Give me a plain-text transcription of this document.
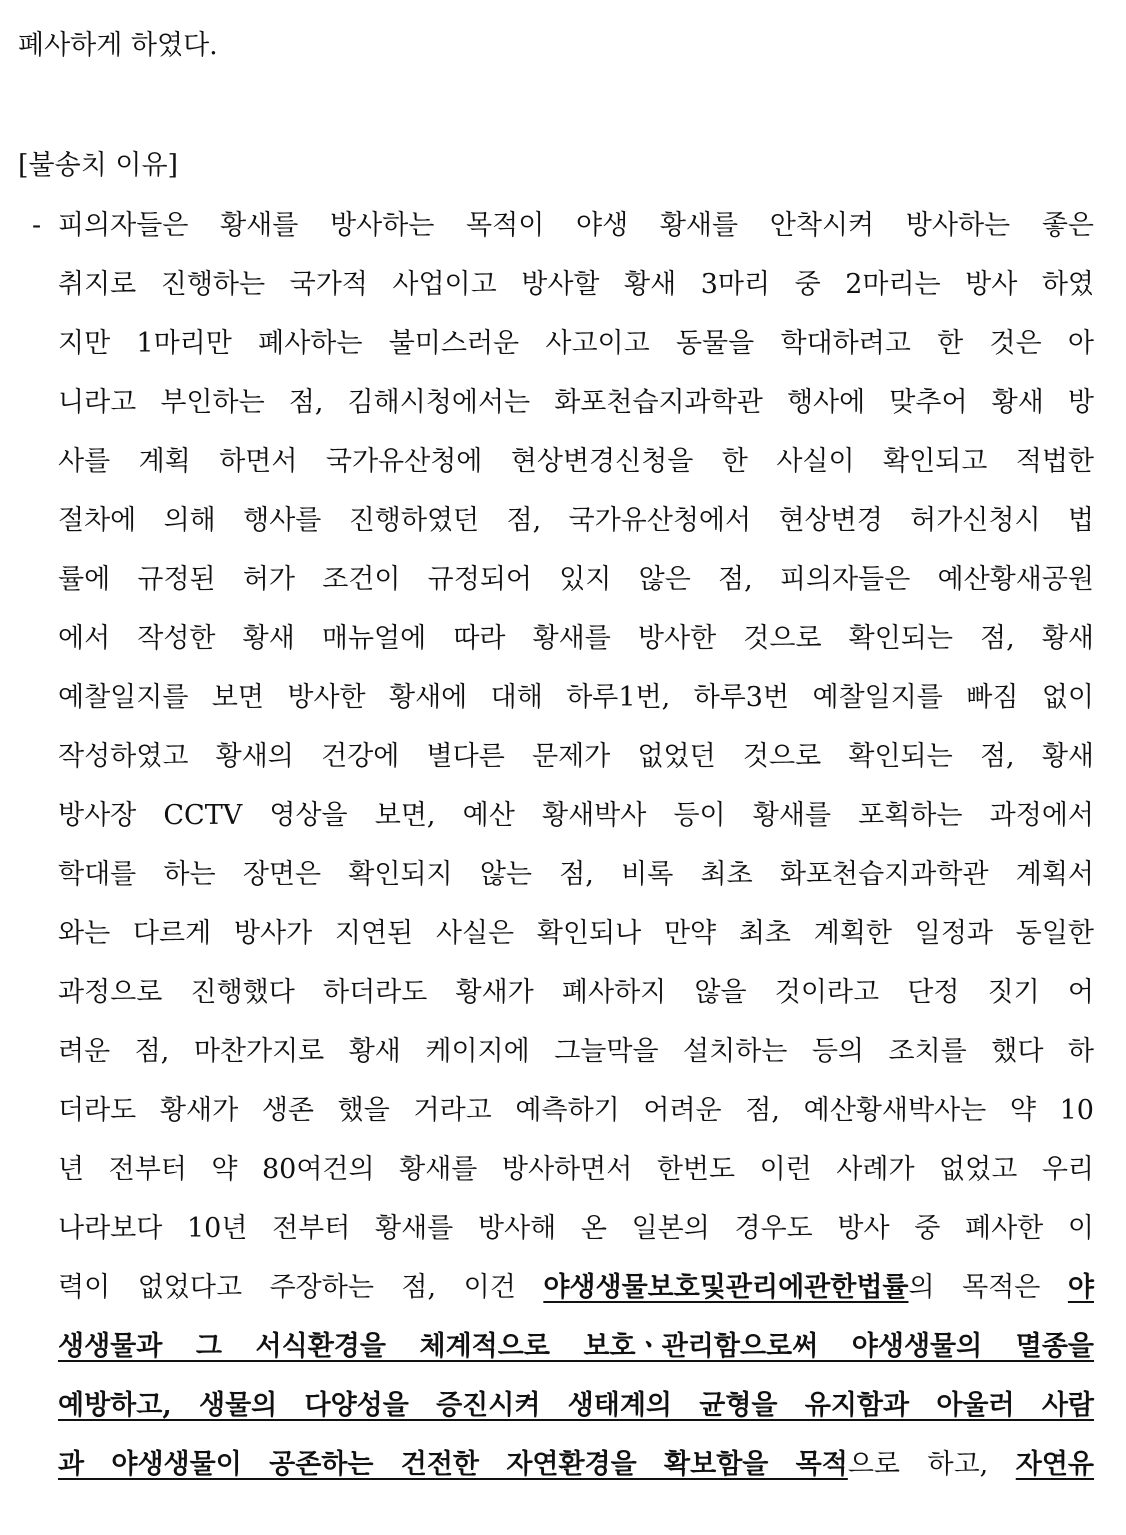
폐사하게 하였다.
[불송치 이유]
- 피의자들은 황새를 방사하는 목적이 야생 황새를 안착시켜 방사하는 좋은
취지로 진행하는 국가적 사업이고 방사할 황새 3마리 중 2마리는 방사 하였
지만 1마리만 폐사하는 불미스러운 사고이고 동물을 학대하려고 한 것은 아
니라고 부인하는 점, 김해시청에서는 화포천습지과학관 행사에 맞추어 황새 방
사를 계획 하면서 국가유산청에 현상변경신청을 한 사실이 확인되고 적법한
절차에 의해 행사를 진행하였던 점, 국가유산청에서 현상변경 허가신청시 법
률에 규정된 허가 조건이 규정되어 있지 않은 점, 피의자들은 예산황새공원
에서 작성한 황새 매뉴얼에 따라 황새를 방사한 것으로 확인되는 점, 황새
예찰일지를 보면 방사한 황새에 대해 하루1번, 하루3번 예찰일지를 빠짐 없이
작성하였고 황새의 건강에 별다른 문제가 없었던 것으로 확인되는 점, 황새
방사장 CCTV 영상을 보면, 예산 황새박사 등이 황새를 포획하는 과정에서
학대를 하는 장면은 확인되지 않는 점, 비록 최초 화포천습지과학관 계획서
와는 다르게 방사가 지연된 사실은 확인되나 만약 최초 계획한 일정과 동일한
과정으로 진행했다 하더라도 황새가 폐사하지 않을 것이라고 단정 짓기 어
려운 점, 마찬가지로 황새 케이지에 그늘막을 설치하는 등의 조치를 했다 하
더라도 황새가 생존 했을 거라고 예측하기 어려운 점, 예산황새박사는 약 10
년 전부터 약 80여건의 황새를 방사하면서 한번도 이런 사례가 없었고 우리
나라보다 10년 전부터 황새를 방사해 온 일본의 경우도 방사 중 폐사한 이
력이 없었다고 주장하는 점, 이건 야생생물보호및관리에관한법률의 목적은 야
생생물과 그 서식환경을 체계적으로 보호ㆍ관리함으로써 야생생물의 멸종을
예방하고, 생물의 다양성을 증진시켜 생태계의 균형을 유지함과 아울러 사람
과 야생생물이 공존하는 건전한 자연환경을 확보함을 목적으로 하고, 자연유
